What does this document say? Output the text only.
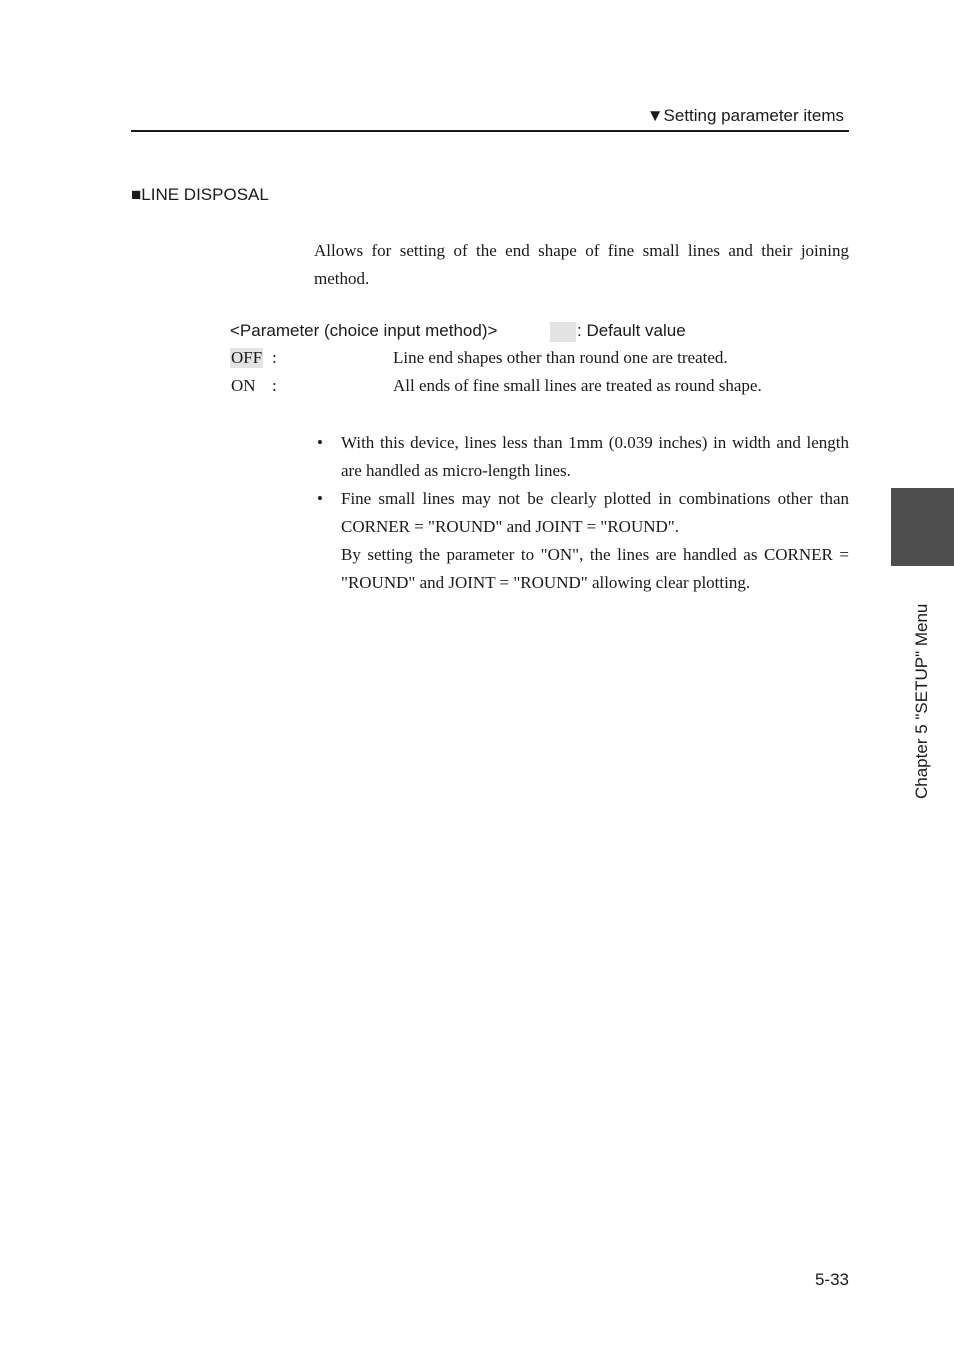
▼Setting parameter items
■LINE DISPOSAL

Allows for setting of the end shape of fine small lines and their joining method.

<Parameter (choice input method)>	: Default value
OFF :	Line end shapes other than round one are treated.
ON :	All ends of fine small lines are treated as round shape.
• With this device, lines less than 1mm (0.039 inches) in width and length are handled as micro-length lines.

• Fine small lines may not be clearly plotted in combinations other than CORNER = "ROUND" and JOINT = "ROUND".

By setting the parameter to "ON", the lines are handled as CORNER = "ROUND" and JOINT = "ROUND" allowing clear plotting.

Chapter 5 "SETUP" Menu
5-33
